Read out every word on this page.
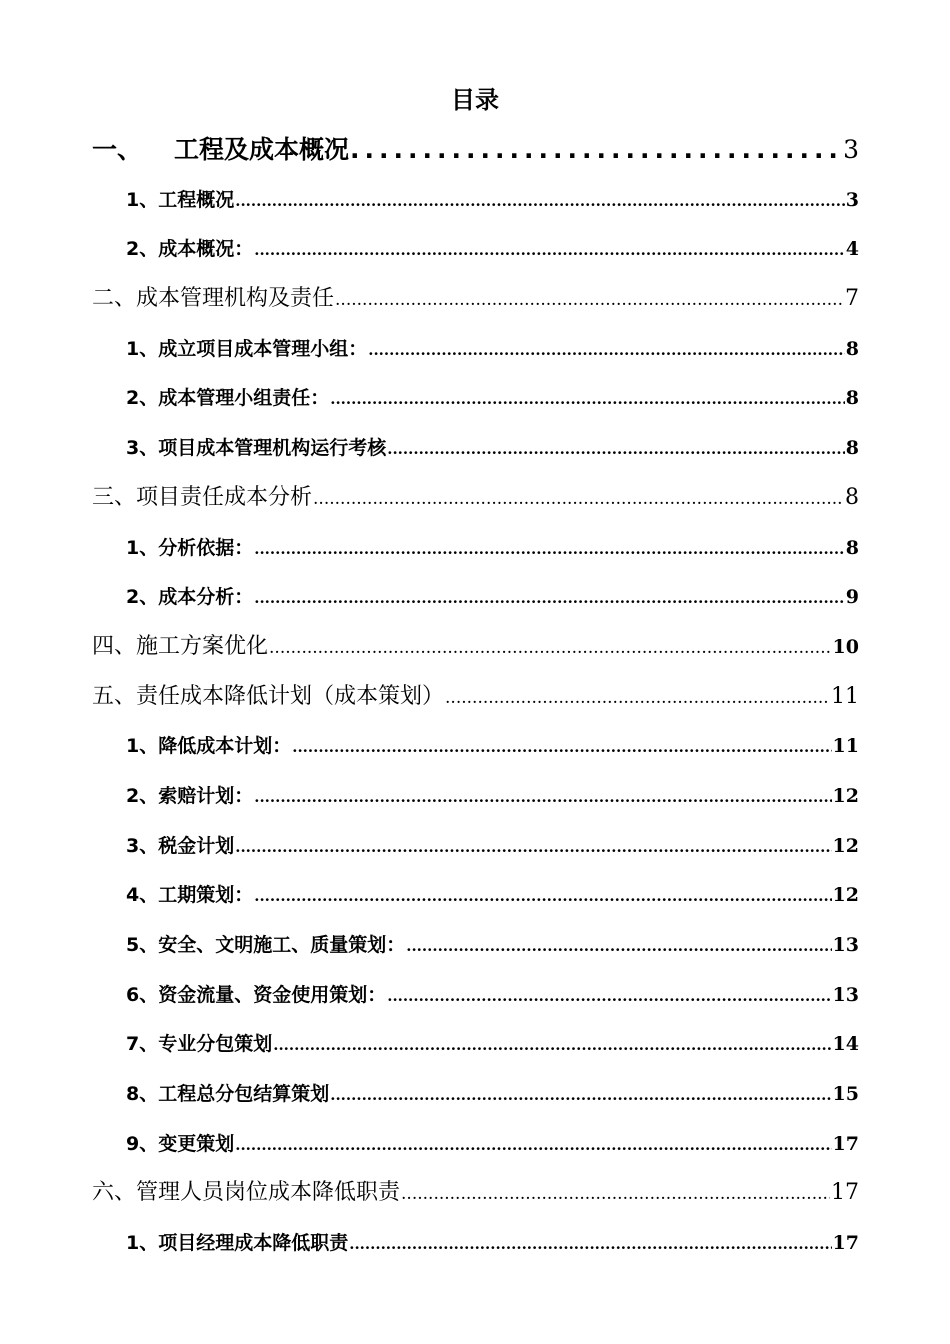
目录
一、 工程及成本概况 .....	3
1、工程概况 .....	3
2、成本概况： .....	4
二、成本管理机构及责任 .....	7
1、成立项目成本管理小组： .....	8
2、成本管理小组责任： .....	8
3、项目成本管理机构运行考核 .....	8
三、项目责任成本分析 .....	8
1、分析依据： .....	8
2、成本分析： .....	9
四、施工方案优化 .....	10
五、责任成本降低计划（成本策划） .....	11
1、降低成本计划： .....	11
2、索赔计划： .....	12
3、税金计划 .....	12
4、工期策划： .....	12
5、安全、文明施工、质量策划： .....	13
6、资金流量、资金使用策划： .....	13
7、专业分包策划 .....	14
8、工程总分包结算策划 .....	15
9、变更策划 .....	17
六、管理人员岗位成本降低职责 .....	17
1、项目经理成本降低职责 .....	17
